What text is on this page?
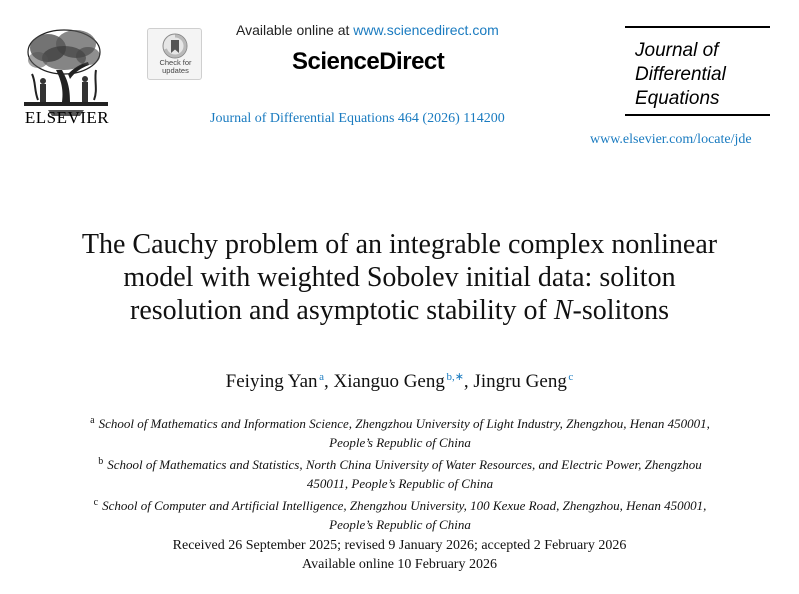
ELSEVIER
Check for
updates
Available online at www.sciencedirect.com
ScienceDirect
Journal of Differential Equations 464 (2026) 114200
Journal of
Differential
Equations
www.elsevier.com/locate/jde
The Cauchy problem of an integrable complex nonlinear
model with weighted Sobolev initial data: soliton
resolution and asymptotic stability of N-solitons
Feiying Yan  $^a$, Xianguo Geng  $^{b,∗}$, Jingru Geng  $^c$
$^a$ School of Mathematics and Information Science, Zhengzhou University of Light Industry, Zhengzhou, Henan 450001,
People’s Republic of China
$^b$ School of Mathematics and Statistics, North China University of Water Resources, and Electric Power, Zhengzhou
450011, People’s Republic of China
$^c$ School of Computer and Artificial Intelligence, Zhengzhou University, 100 Kexue Road, Zhengzhou, Henan 450001,
People’s Republic of China
Received 26 September 2025; revised 9 January 2026; accepted 2 February 2026
Available online 10 February 2026
